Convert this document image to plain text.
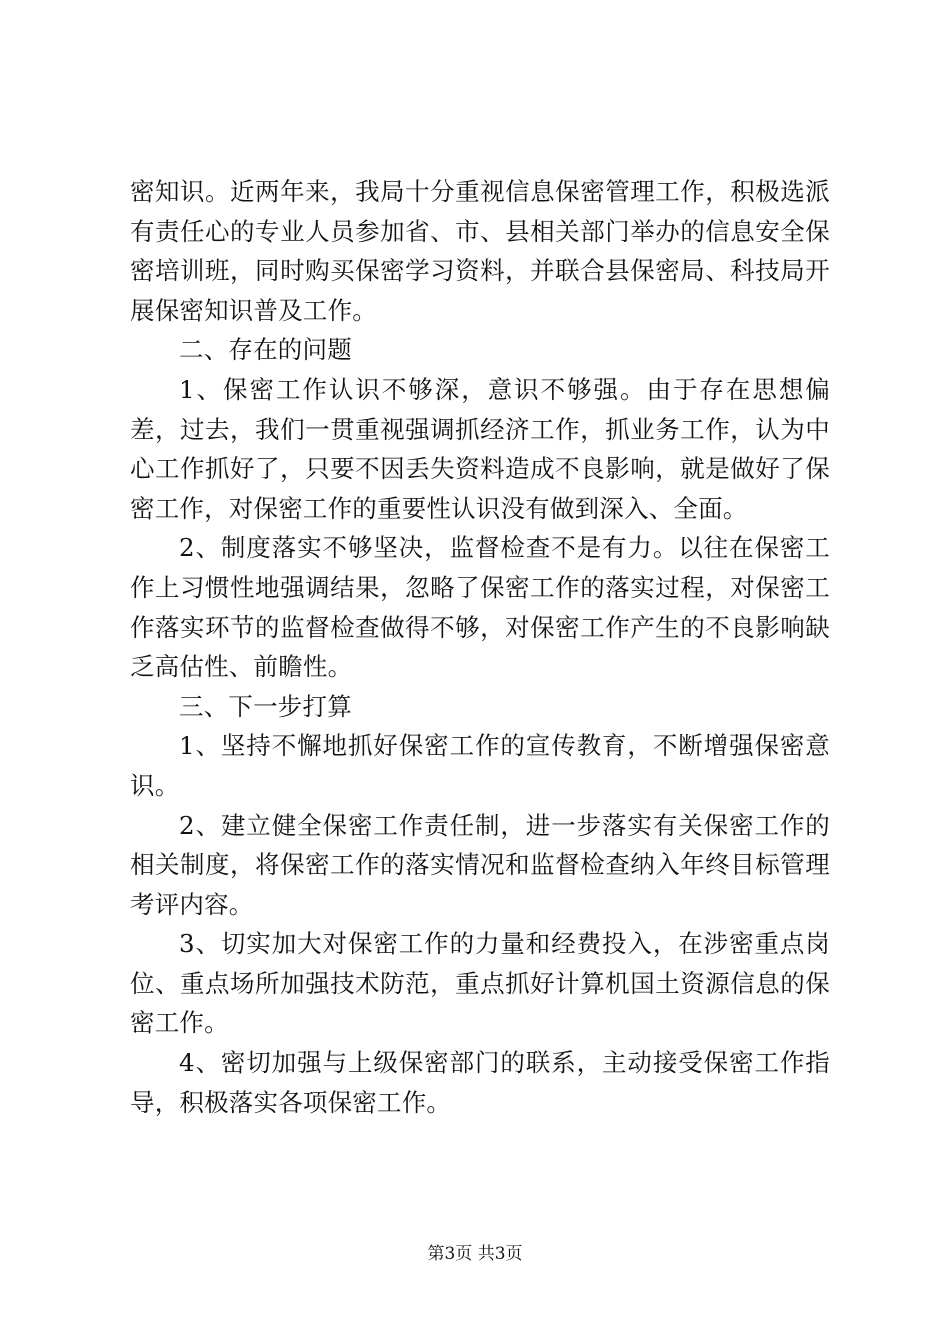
密知识。近两年来，我局十分重视信息保密管理工作，积极选派有责任心的专业人员参加省、市、县相关部门举办的信息安全保密培训班，同时购买保密学习资料，并联合县保密局、科技局开展保密知识普及工作。

二、存在的问题

1、保密工作认识不够深，意识不够强。由于存在思想偏差，过去，我们一贯重视强调抓经济工作，抓业务工作，认为中心工作抓好了，只要不因丢失资料造成不良影响，就是做好了保密工作，对保密工作的重要性认识没有做到深入、全面。

2、制度落实不够坚决，监督检查不是有力。以往在保密工作上习惯性地强调结果，忽略了保密工作的落实过程，对保密工作落实环节的监督检查做得不够，对保密工作产生的不良影响缺乏高估性、前瞻性。

三、下一步打算

1、坚持不懈地抓好保密工作的宣传教育，不断增强保密意识。

2、建立健全保密工作责任制，进一步落实有关保密工作的相关制度，将保密工作的落实情况和监督检查纳入年终目标管理考评内容。

3、切实加大对保密工作的力量和经费投入，在涉密重点岗位、重点场所加强技术防范，重点抓好计算机国土资源信息的保密工作。

4、密切加强与上级保密部门的联系，主动接受保密工作指导，积极落实各项保密工作。

第3页 共3页
